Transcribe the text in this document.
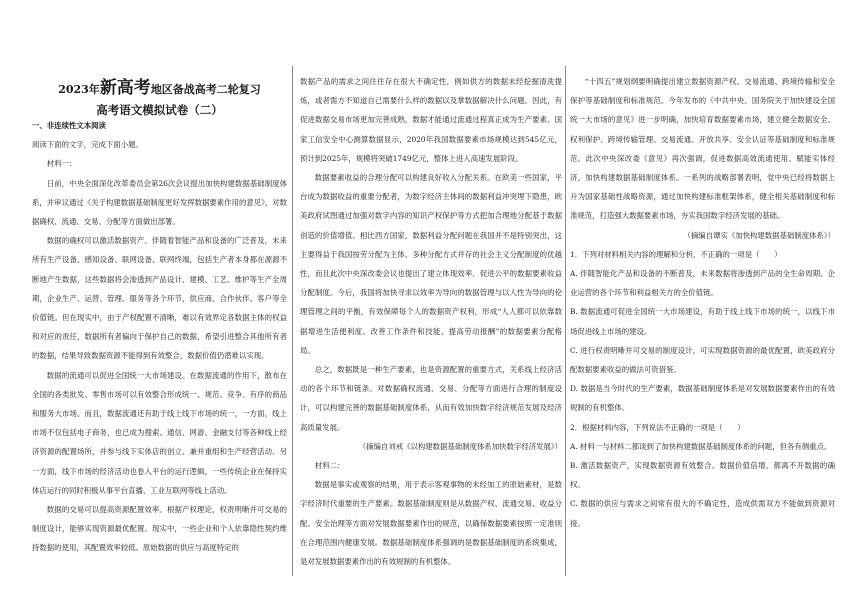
2023年新高考地区备战高考二轮复习
高考语文模拟试卷（二）

一、非连续性文本阅读

阅读下面的文字，完成下面小题。

材料一：

日前，中央全面深化改革委员会第26次会议提出加快构建数据基础制度体系，并审议通过《关于构建数据基础制度更好发挥数据要素作用的意见》，对数据确权、流通、交易、分配等方面做出部署。

数据的确权可以激活数据资产。伴随着智能产品和设备的广泛普及，未来所有生产设备、感知设备、联网设备、联网终端，包括生产者本身都在源源不断地产生数据，这些数据将会渗透到产品设计、建模、工艺、维护等生产全周期，企业生产、运营、管理、服务等各个环节，供应商、合作伙伴、客户等全价值链。但在现实中，由于产权配置不清晰，难以有效界定各数据主体的权益和对应的责任，数据所有者偏向于保护自己的数据，希望引进整合其他所有者的数据，结果导致数据资源不能得到有效整合，数据价值仍潜难以实现。

数据的流通可以促进全国统一大市场建设。在数据流通的作用下，散布在全国的各类批发、零售市场可以有效整合形成统一、规范、竞争、有序的商品和服务大市场。而且，数据流通还有助于线上线下市场的统一，一方面，线上市场不仅包括电子商务，也已成为搜索、通信、网游、金融支付等各种线上经济资源的配置场所，并参与线下实体店的创立、兼并重组和生产经营活动。另一方面，线下市场的经济活动也卷入平台的运行逻辑，一些传统企业在保持实体店运行的同时积极从事平台直播、工业互联网等线上活动。

数据的交易可以提高资源配置效率。根据产权理论，权责明晰并可交易的制度设计，能够实现资源最优配置。现实中，一些企业和个人依靠隐性契约维持数据的使用，其配置效率较低。原始数据的供应与高度特定的

数据产品的需求之间往往存在很大不确定性，例如供方的数据未经挖掘清洗提炼，或者需方不知道自己需要什么样的数据以及掌数据解决什么问题。因此，有促进数据交易市场更加完善成熟，数据才能通过流通过程真正成为生产要素。国家工信安全中心测算数据显示，2020年我国数据要素市场规模达到545亿元，预计到2025年，规模将突破1749亿元，整体上进入高速发展阶段。

数据要素收益的合理分配可以构建良好收入分配关系。在欧美一些国家，平台成为数据收益的重要分配者，为数字经济主体间的数据利益冲突埋下隐患，欧美政府试图通过加强对数字内容的知识产权保护等方式把加合理地分配基于数据创造的价值增值。相比西方国家，数据利益分配问题在我国并不是特别突出，这主要得益于我国按劳分配为主体、多种分配方式并存的社会主义分配制度的优越性，而且此次中央深改委会议也提出了建立体现效率、促进公平的数据要素收益分配制度。今后，我国将加快寻求以效率为导向的数据管理与以人性为导向的伦理管理之间的平衡，有效保障每个人的数据资产权利，形成“人人都可以依靠数据增进生活便利度、改善工作条件和技能、提高劳动报酬”的数据要素分配格局。

总之，数据既是一种生产要素，也是资源配置的重要方式，关系线上经济活动的各个环节和链条。对数据确权流通、交易、分配等方面进行合理的制度设计，可以构建完善的数据基础制度体系，从而有效加快数字经济规范发展及经济高质量发展。

（摘编自刘戒《以构建数据基础制度体系加快数字经济发展》）

材料二：

数据是事实或观察的结果，用于表示客观事物的未经加工的原始素材，是数字经济时代重要的生产要素。数据基础制度则是从数据产权、流通交易、收益分配、安全治理等方面对发展数据要素作出的规范，以确保数据要素按照一定准则在合理范围内健康发展。数据基础制度体系强调的是数据基础制度的系统集成，是对发展数据要素作出的有效规制的有机整体。

“十四五”规划纲要明确提出建立数据资源产权、交易流通、跨境传输和安全保护等基础制度和标准规范。今年发布的《中共中央、国务院关于加快建设全国统一大市场的意见》进一步明确，加快培育数据要素市场，建立健全数据安全、权利保护、跨境传输管理、交易流通、开放共享、安全认证等基础制度和标准规范。此次中央深改委《意见》再次强调，促进数据高效流通使用、赋能实体经济，加快构建数据基础制度体系。一系列的战略部署表明，党中央已经将数据上升为国家基础性战略资源，通过加快构建标准框架体系，健全相关基础制度和标准规范，打造强大数据要素市场，夯实我国数字经济发展的基础。

（摘编自谭实《加快构建数据基础制度体系》）

1．下列对材料相关内容的理解和分析，不正确的一项是（　　）

A. 伴随智能化产品和设备的不断普及，未来数据将渗透到产品的全生命周期、企业运营的各个环节和利益相关方的全价值链。

B. 数据流通可促进全国统一大市场建设，有助于线上线下市场的统一，以线下市场促进线上市场的建设。

C. 进行权责明晰并可交易的制度设计，可实现数据资源的最优配置，欧美政府分配数据要素收益的做法可资借鉴。

D. 数据是当今时代的生产要素，数据基础制度体系是对发展数据要素作出的有效规制的有机整体。

2．根据材料内容，下列说法不正确的一项是（　　）

A. 材料一与材料二都谈到了加快构建数据基础制度体系的问题，但各有侧重点。

B. 激活数据资产，实现数据资源有效整合、数据价值倍增，都离不开数据的确权。

C. 数据的供应与需求之间常有很大的不确定性，造成供需双方不能做到资源对接。
